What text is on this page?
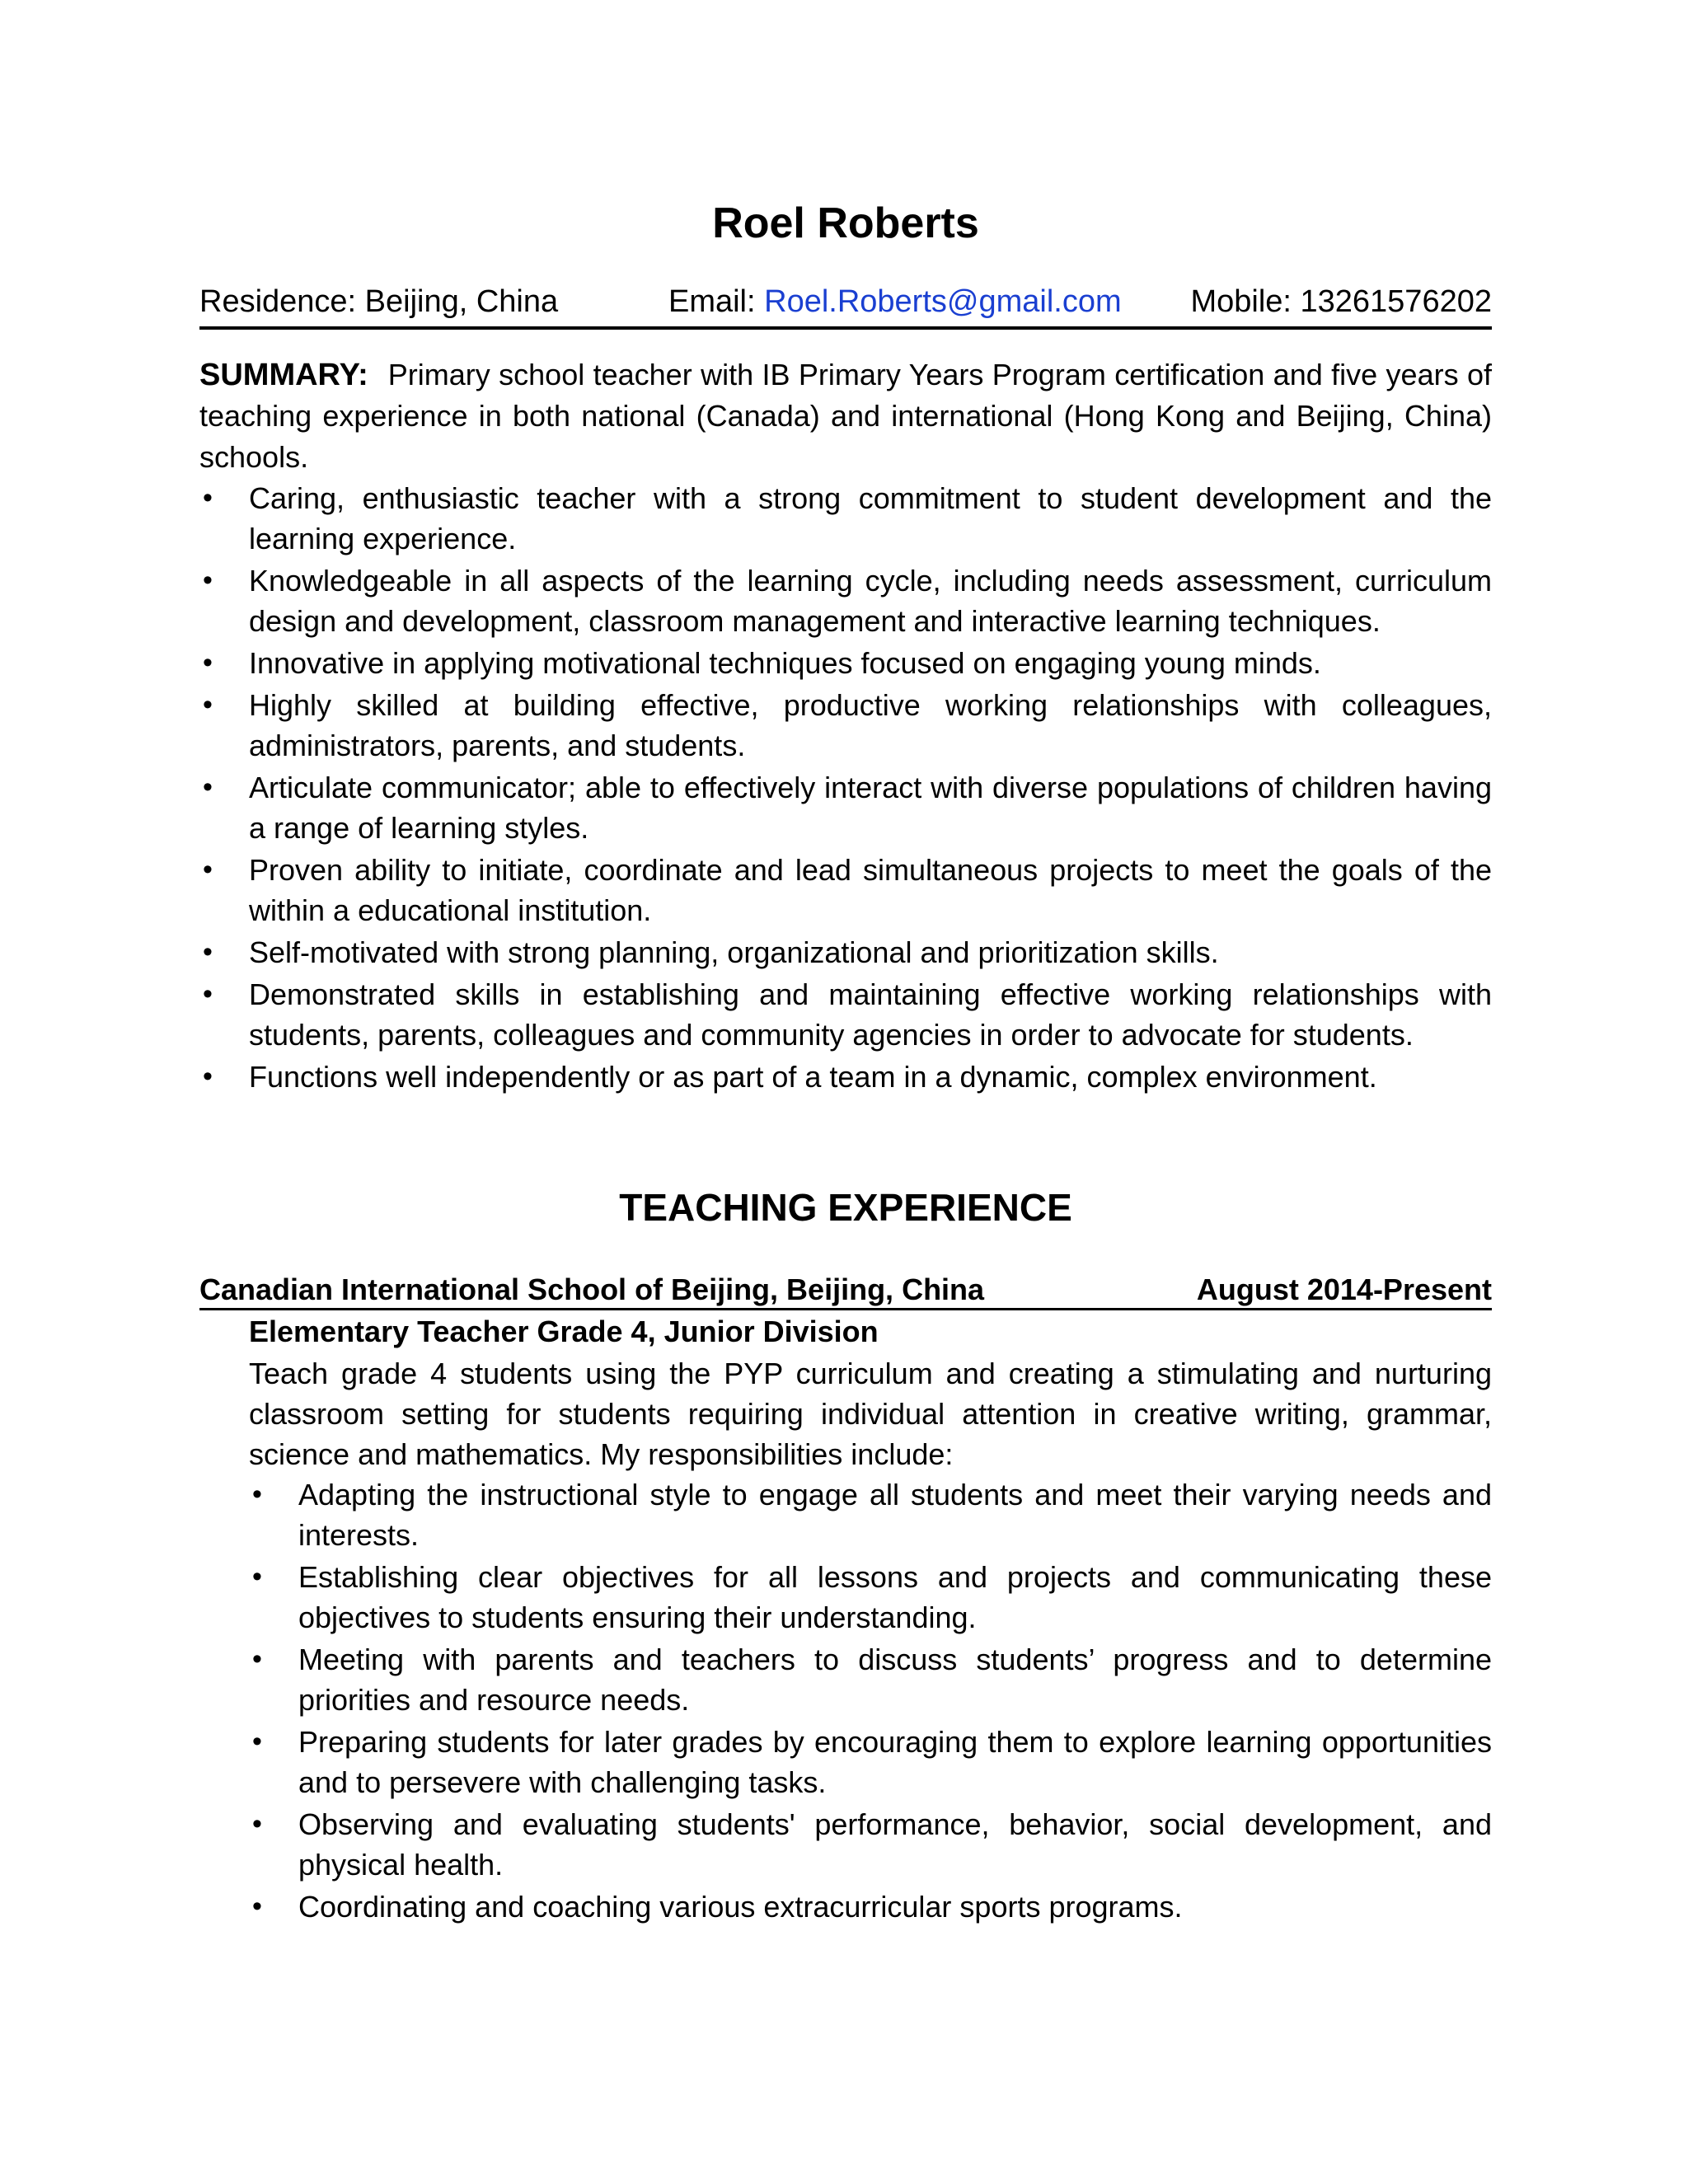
Roel Roberts
Residence: Beijing, China	Email: Roel.Roberts@gmail.com Mobile: 13261576202
SUMMARY: Primary school teacher with IB Primary Years Program certification and five years of teaching experience in both national (Canada) and international (Hong Kong and Beijing, China) schools.
• Caring, enthusiastic teacher with a strong commitment to student development and the learning experience.
• Knowledgeable in all aspects of the learning cycle, including needs assessment, curriculum design and development, classroom management and interactive learning techniques.
• Innovative in applying motivational techniques focused on engaging young minds.
• Highly skilled at building effective, productive working relationships with colleagues, administrators, parents, and students.
• Articulate communicator; able to effectively interact with diverse populations of children having a range of learning styles.
• Proven ability to initiate, coordinate and lead simultaneous projects to meet the goals of the within a educational institution.
• Self-motivated with strong planning, organizational and prioritization skills.
• Demonstrated skills in establishing and maintaining effective working relationships with students, parents, colleagues and community agencies in order to advocate for students.
• Functions well independently or as part of a team in a dynamic, complex environment.
TEACHING EXPERIENCE
Canadian International School of Beijing, Beijing, China	August 2014-Present
Elementary Teacher Grade 4, Junior Division
Teach grade 4 students using the PYP curriculum and creating a stimulating and nurturing classroom setting for students requiring individual attention in creative writing, grammar, science and mathematics. My responsibilities include:
• Adapting the instructional style to engage all students and meet their varying needs and interests.
• Establishing clear objectives for all lessons and projects and communicating these objectives to students ensuring their understanding.
• Meeting with parents and teachers to discuss students’ progress and to determine priorities and resource needs.
• Preparing students for later grades by encouraging them to explore learning opportunities and to persevere with challenging tasks.
• Observing and evaluating students' performance, behavior, social development, and physical health.
• Coordinating and coaching various extracurricular sports programs.
